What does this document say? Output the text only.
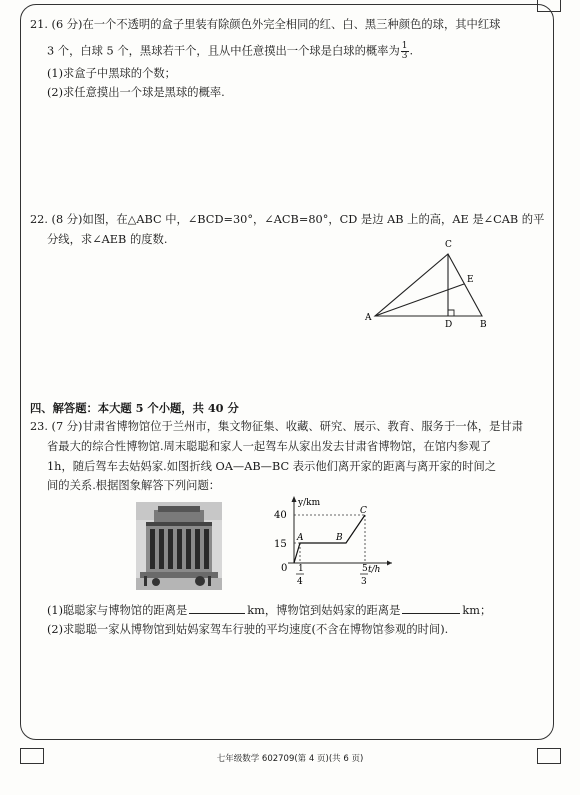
21. (6 分)在一个不透明的盒子里装有除颜色外完全相同的红、白、黑三种颜色的球，其中红球
3 个，白球 5 个，黑球若干个，且从中任意摸出一个球是白球的概率为 $\frac{1}{3}$ .
(1)求盒子中黑球的个数；
(2)求任意摸出一个球是黑球的概率.
22. (8 分)如图，在△ABC 中，∠BCD=30°，∠ACB=80°，CD 是边 AB 上的高，AE 是∠CAB 的平
分线，求∠AEB 的度数.
A
B
C
D
E
四、解答题：本大题 5 个小题，共 40 分
23. (7 分)甘肃省博物馆位于兰州市，集文物征集、收藏、研究、展示、教育、服务于一体，是甘肃
省最大的综合性博物馆.周末聪聪和家人一起驾车从家出发去甘肃省博物馆，在馆内参观了
1h，随后驾车去姑妈家.如图折线 OA—AB—BC 表示他们离开家的距离与离开家的时间之
间的关系.根据图象解答下列问题：
y/km
t/h
40
15
0 1
4
5
3
A	B
C
(1)聪聪家与博物馆的距离是	km，博物馆到姑妈家的距离是	km；
(2)求聪聪一家从博物馆到姑妈家驾车行驶的平均速度(不含在博物馆参观的时间).
七年级数学 602709(第 4 页)(共 6 页)
